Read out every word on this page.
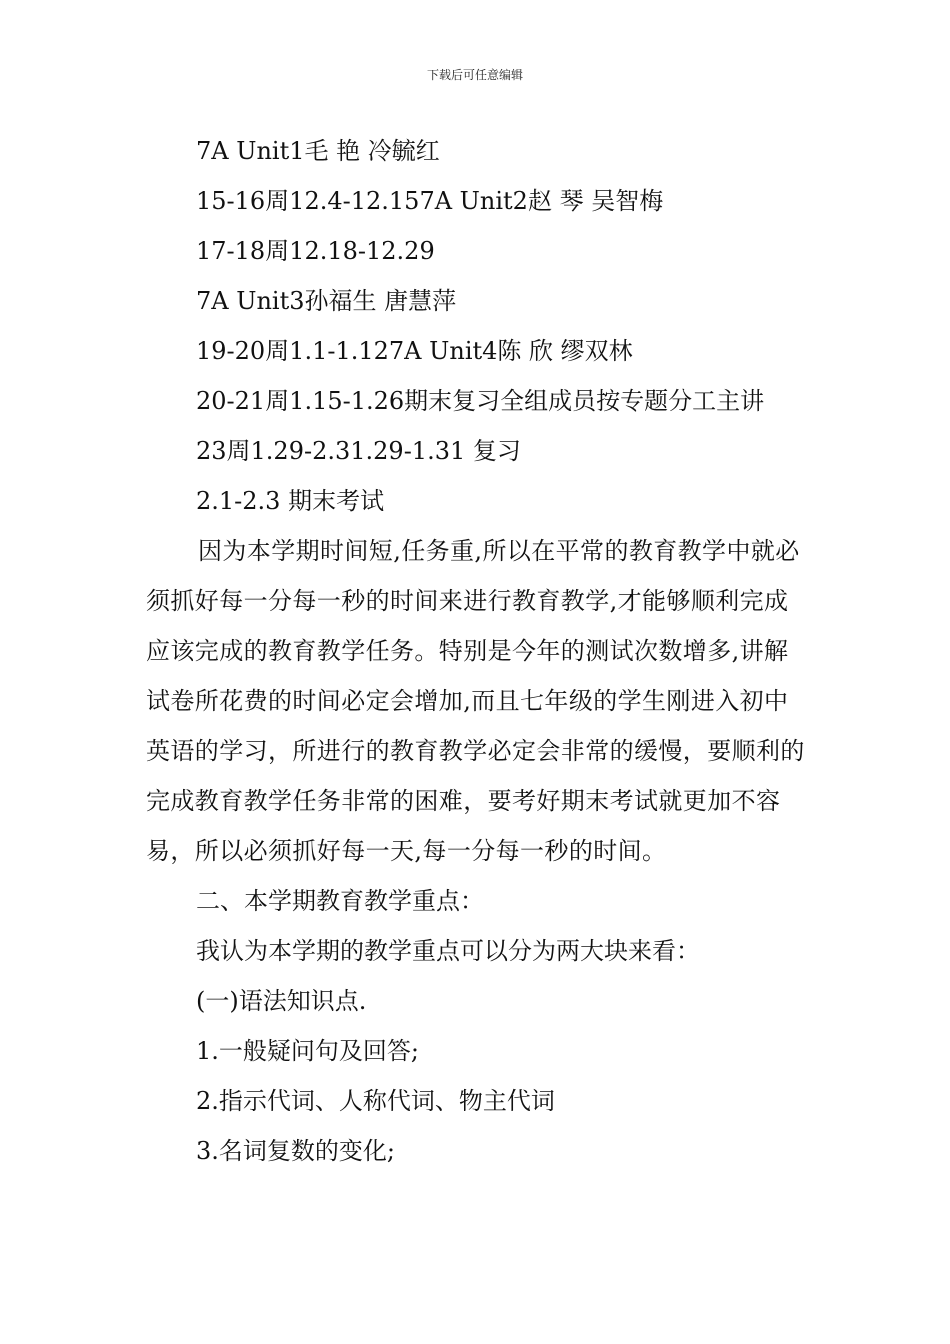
下载后可任意编辑
7A Unit1毛 艳 冷毓红
15-16周12.4-12.157A Unit2赵 琴 吴智梅
17-18周12.18-12.29
7A Unit3孙福生 唐慧萍
19-20周1.1-1.127A Unit4陈 欣 缪双林
20-21周1.15-1.26期末复习全组成员按专题分工主讲
23周1.29-2.31.29-1.31 复习
2.1-2.3 期末考试

因为本学期时间短,任务重,所以在平常的教育教学中就必须抓好每一分每一秒的时间来进行教育教学,才能够顺利完成应该完成的教育教学任务。特别是今年的测试次数增多,讲解试卷所花费的时间必定会增加,而且七年级的学生刚进入初中英语的学习，所进行的教育教学必定会非常的缓慢，要顺利的完成教育教学任务非常的困难，要考好期末考试就更加不容易，所以必须抓好每一天,每一分每一秒的时间。

二、本学期教育教学重点：
我认为本学期的教学重点可以分为两大块来看：
(一)语法知识点.
1.一般疑问句及回答;
2.指示代词、人称代词、物主代词
3.名词复数的变化;
